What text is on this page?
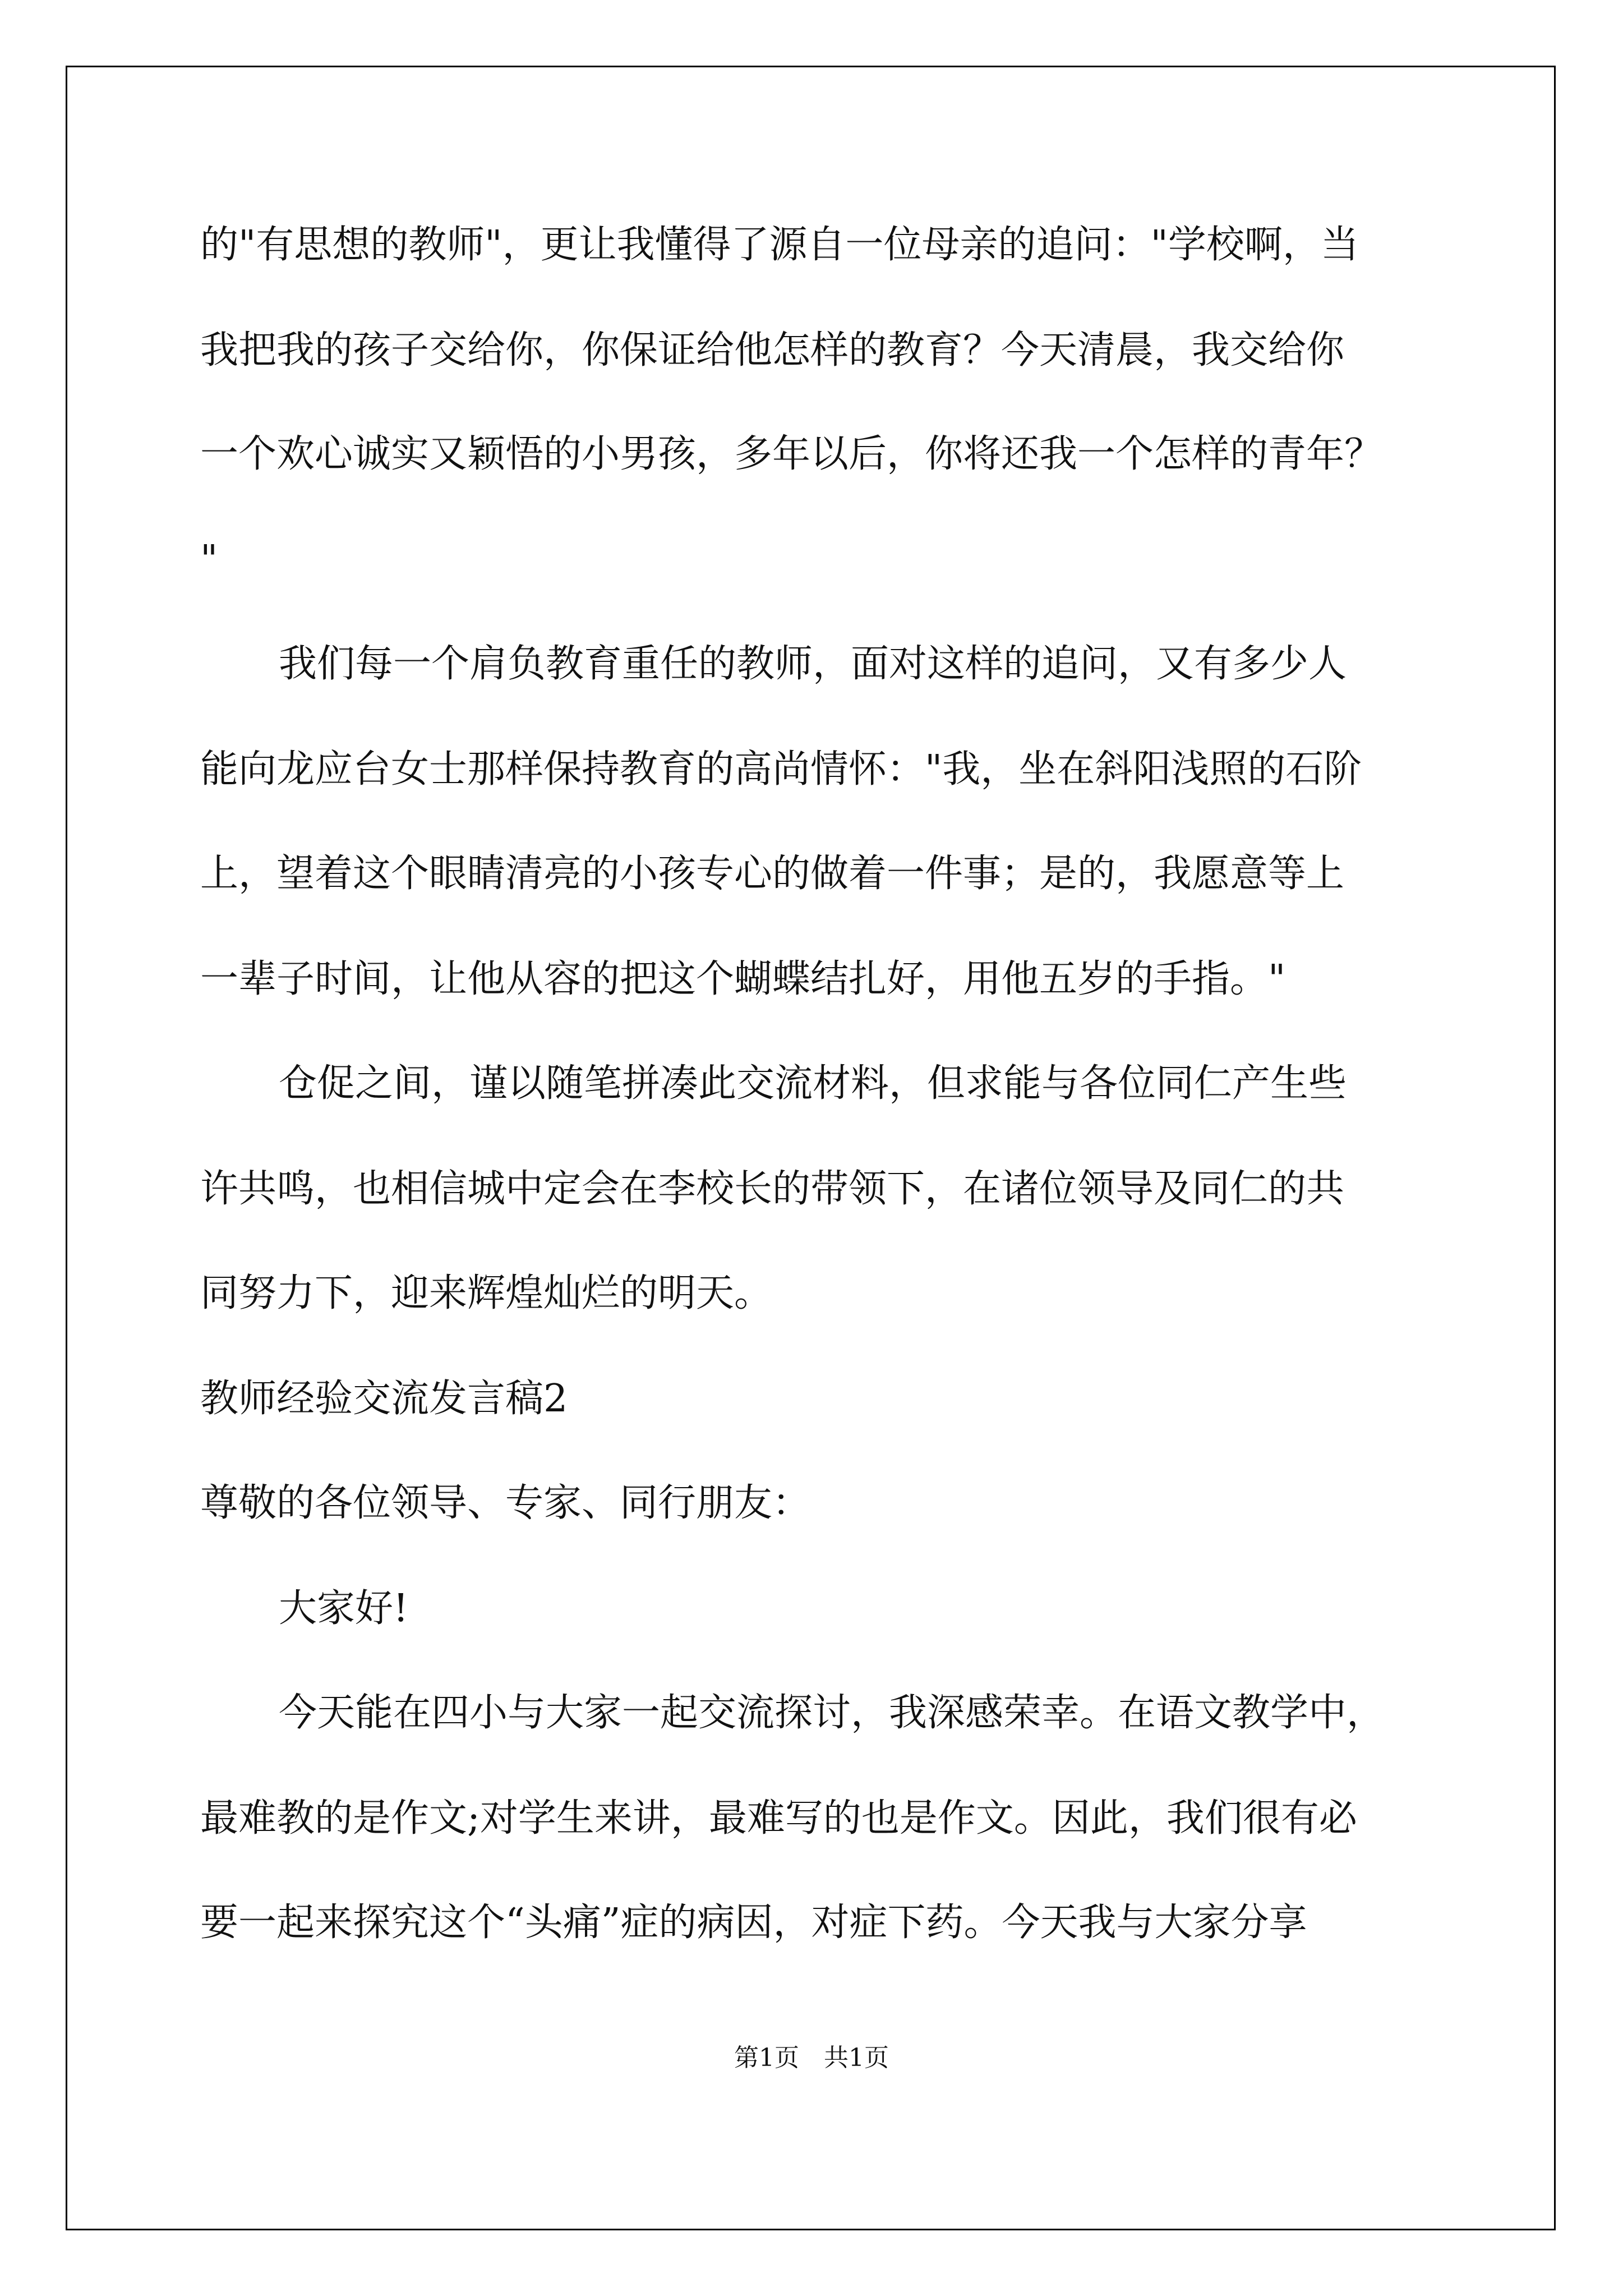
的"有思想的教师"，更让我懂得了源自一位母亲的追问："学校啊，当

我把我的孩子交给你，你保证给他怎样的教育？今天清晨，我交给你

一个欢心诚实又颖悟的小男孩，多年以后，你将还我一个怎样的青年？

"

我们每一个肩负教育重任的教师，面对这样的追问，又有多少人

能向龙应台女士那样保持教育的高尚情怀："我，坐在斜阳浅照的石阶

上，望着这个眼睛清亮的小孩专心的做着一件事；是的，我愿意等上

一辈子时间，让他从容的把这个蝴蝶结扎好，用他五岁的手指。"

仓促之间，谨以随笔拼凑此交流材料，但求能与各位同仁产生些

许共鸣，也相信城中定会在李校长的带领下，在诸位领导及同仁的共

同努力下，迎来辉煌灿烂的明天。

教师经验交流发言稿2

尊敬的各位领导、专家、同行朋友：

大家好!

今天能在四小与大家一起交流探讨，我深感荣幸。在语文教学中，

最难教的是作文;对学生来讲，最难写的也是作文。因此，我们很有必

要一起来探究这个“头痛”症的病因，对症下药。今天我与大家分享

第1页　共1页
